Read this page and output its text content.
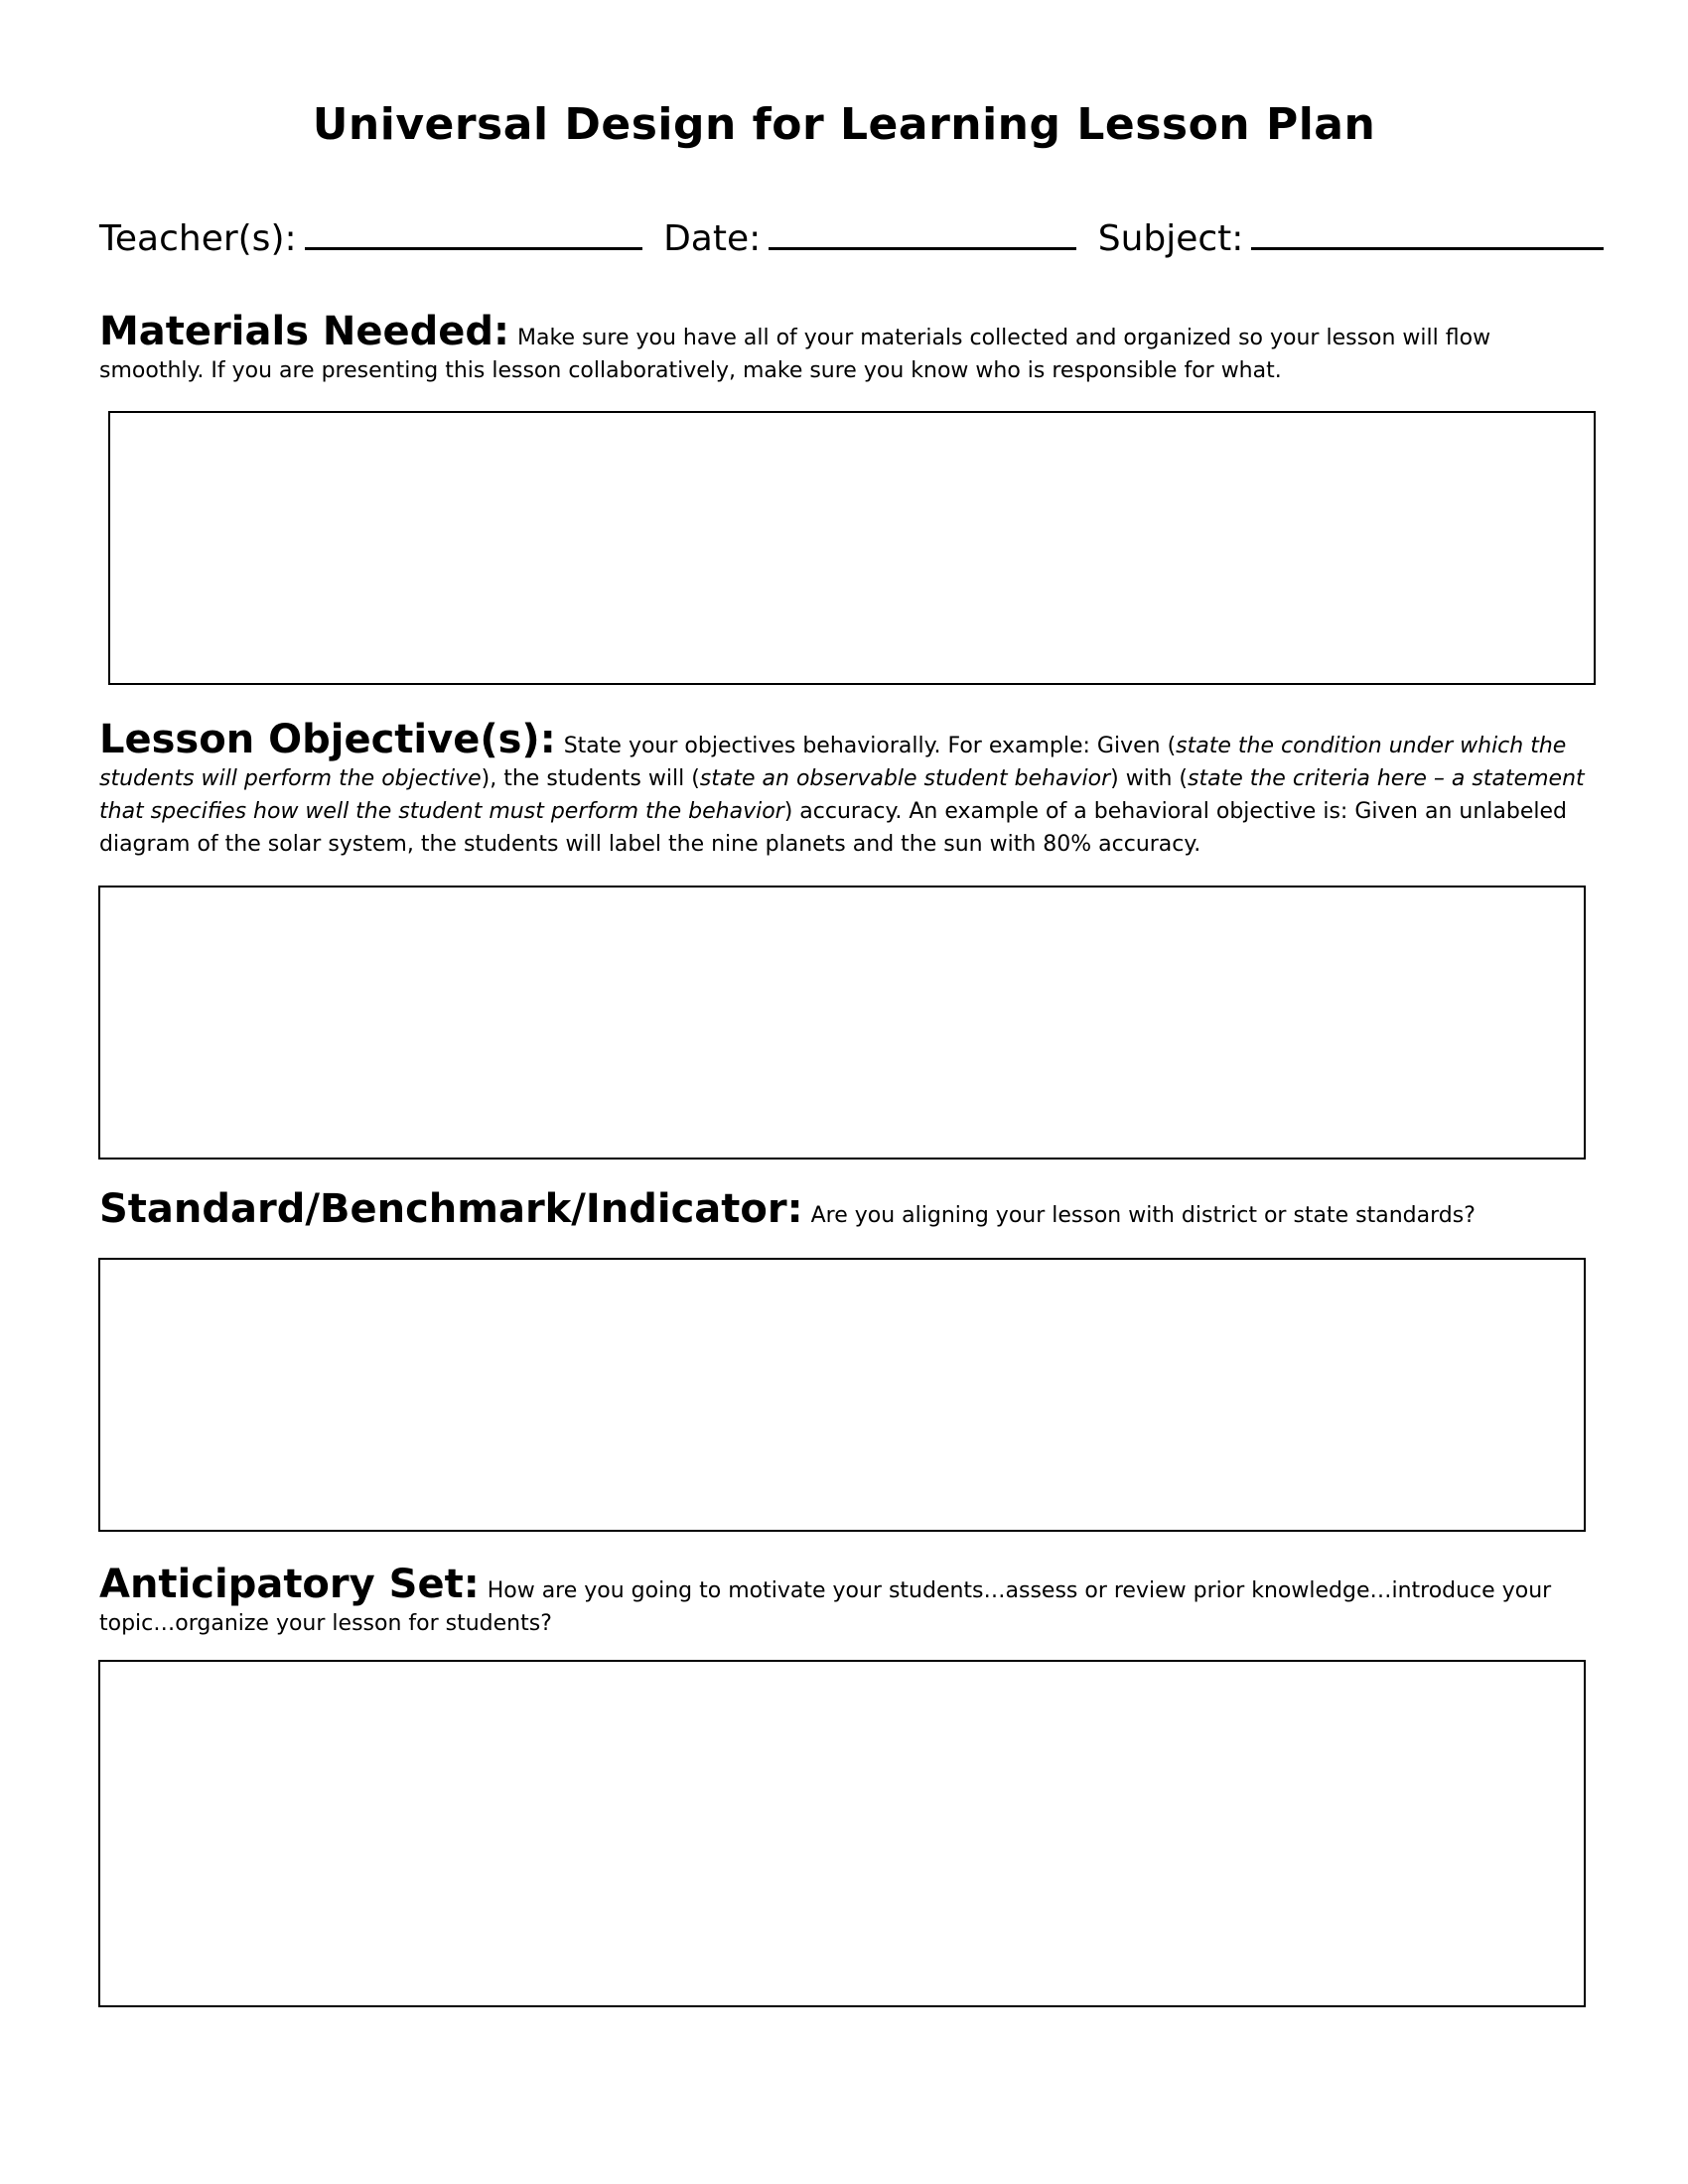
Universal Design for Learning Lesson Plan
Teacher(s):	Date:	Subject:
Materials Needed: Make sure you have all of your materials collected and organized so your lesson will flow smoothly. If you are presenting this lesson collaboratively, make sure you know who is responsible for what.
Lesson Objective(s): State your objectives behaviorally. For example: Given (state the condition under which the students will perform the objective), the students will (state an observable student behavior) with (state the criteria here – a statement that specifies how well the student must perform the behavior) accuracy. An example of a behavioral objective is: Given an unlabeled diagram of the solar system, the students will label the nine planets and the sun with 80% accuracy.
Standard/Benchmark/Indicator: Are you aligning your lesson with district or state standards?
Anticipatory Set: How are you going to motivate your students…assess or review prior knowledge…introduce your topic…organize your lesson for students?
